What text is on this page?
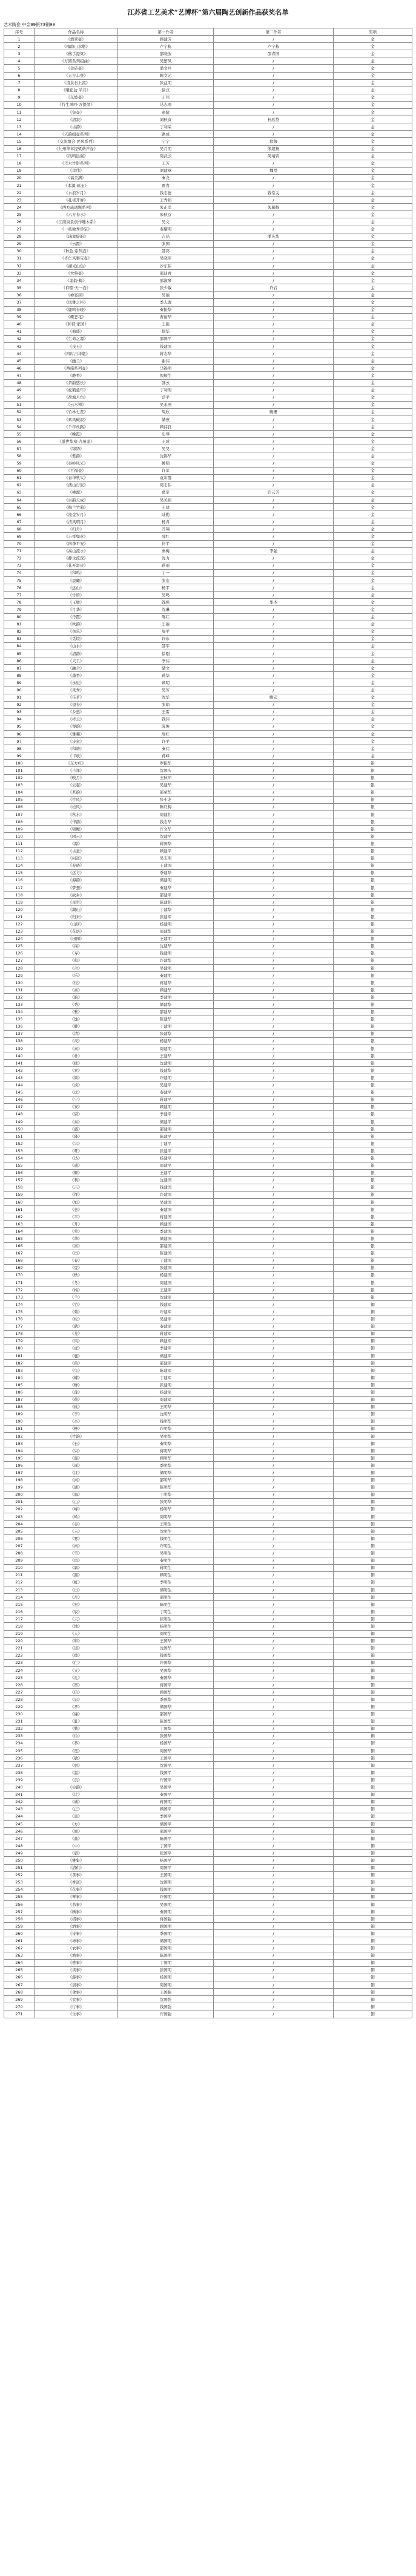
江苏省工艺美术“艺博杯”第六届陶艺创新作品获奖名单
艺术陶瓷 中金99银73铜99
序号	作品名称	第一作者	第二作者	奖项
1	《翡翠壶》	顾建芳	/	金
2	《梅韵山水瓶》	卢宁栋	卢宁栋	金
3	《佛手提梁》	邵晓波	邵青国	金
4	《万圆系列组曲》	吴繁凤	/	金
5	《金砖壶》	潘文兵	/	金
6	《五谷丰登》	鲍文元	/	金
7	《清泉石上流》	张益明	/	金
8	《曦花盆·半月》	徐汉	/	金
9	《东坡壶》	王伟	/	金
10	《竹生风吟·方提梁》	马志刚	/	金
11	《兔壶》	童健	/	金
12	《清寂》	刘秋贞	杜欣岱	金
13	《古韵》	丁利荣	/	金
14	《天韵组壶系列》	路成	/	金
15	《交流组合·民风系列》	宁宁	徐薇	金
16	《九州华章提梁葫芦壶》	吴月明	熊超扬	金
17	《凤鸣远翼》	周武云	周靖寅	金
18	《丹水竹影系列》	王芳	/	金
19	《伞伟》	刘建章	魏堂	金
20	《福美满》	秦龙	/	金
21	《本源·琢玉》	贾青	/	金
22	《水浪岁月》	钱志德	钱常关	金
23	《孔雀开屏》	王秀娟	/	金
24	《西方琉璃瓶系列》	朱正洋	朱耀辉	金
25	《六方春水》	朱秋芬	/	金
26	《江南窗景创作雕木系》	吴文	/	金
27	《一枝独秀珍宝》	秦耀明	/	金
28	《瑞象旋韵》	吉品	潘庆华	金
29	《云霞》	张国	/	金
30	《秋色·系列壶》	邵鸿	/	金
31	《杏仁风雅宝壶》	吴晓军	/	金
32	《湖光山色》	沙东伟	/	金
33	《大蔡壶》	邵迪青	/	金
34	《壶韵·梅》	邵淑琴	/	金
35	《仰望·天一壶》	张少敏	许岩	金
36	《禅宴居》	吴丽	/	金
37	《风雅之柜》	季志源	/	金
38	《鹿鸣春晓》	秦振华	/	金
39	《蝶恋花》	曹丽华	/	金
40	《和谐·家园》	王强	/	金
41	《鼎盛》	徐华	/	金
42	《生命之源》	邵国平	/	金
43	《泉石》	钱建国	/	金
44	《四时吉祥瓶》	蒋志华	/	金
45	《幽兰》	谢伟	/	金
46	《西施系列壶》	马锦明	/	金
47	《静香》	倪顺生	/	金
48	《茶韵悠长》	邵云	/	金
49	《松鹤延年》	丁利明	/	金
50	《荷塘月色》	范平	/	金
51	《云水禅》	吴永刚	/	金
52	《竹林七贤》	周欣	鲍珊	金
53	《乘风破浪》	储燕	/	金
54	《千年丝路》	顾伟良	/	金
55	《晚霞》	史琴	/	金
56	《盛世华章·九州壶》	王成	/	金
57	《锦绣》	吴昊	/	金
58	《紫韵》	沈锦华	/	金
59	《秦岭风光》	姚明	/	金
60	《百福壶》	许军	/	金
61	《春华秋实》	袁彩霞	/	金
62	《溪山行旅》	周志伟	/	金
63	《桃源》	葛军	许云芳	金
64	《古韵天成》	吴美娟	/	金
65	《梅兰竹菊》	王建	/	金
66	《流金岁月》	陆勤	/	金
67	《清风明月》	杨青	/	金
68	《归舟》	冯翔	/	金
69	《吉祥如意》	邵红	/	金
70	《四季平安》	何平	/	金
71	《高山流水》	秦梅	李强	金
72	《静水流深》	沈力	/	金
73	《花开富贵》	蒋丽	/	金
74	《和鸣》	丁一	/	金
75	《晨曦》	张宏	/	金
76	《远山》	杨平	/	金
77	《竹语》	吴鸣	/	金
78	《玉璧》	钱强	华杰	金
79	《月华》	沈琳	/	金
80	《丹霞》	陈红	/	金
81	《秋韵》	王丽	/	金
82	《鱼乐》	周平	/	金
83	《觅境》	许东	/	金
84	《山水》	邵军	/	金
85	《清韵》	徐刚	/	金
86	《天工》	季伟	/	金
87	《融合》	储文	/	金
88	《墨香》	蒋华	/	金
89	《永恒》	顾明	/	金
90	《灵秀》	吴芳	/	金
91	《佳茗》	沈华	鲍宏	金
92	《望春》	张娟	/	金
93	《乡愁》	王雷	/	金
94	《祥云》	钱伟	/	金
95	《琴韵》	陈俊	/	金
96	《雅趣》	周红	/	金
97	《诗意》	许平	/	金
98	《和谐》	秦伟	/	金
99	《丰收》	蒋峰	/	金
100	《东方红》	罗振华	/	银
101	《吉祥》	沈国庆	/	银
102	《映月》	王秋萍	/	银
103	《云起》	吴建华	/	银
104	《茗韵》	邵荣华	/	银
105	《竹风》	张小龙	/	银
106	《松风》	陈红梅	/	银
107	《秋水》	周建伟	/	银
108	《华韵》	钱志华	/	银
109	《锦鲤》	许文华	/	银
110	《闲云》	沈建平	/	银
111	《源》	蒋国华	/	银
112	《古意》	顾建平	/	银
113	《问道》	吴志明	/	银
114	《春晓》	王建国	/	银
115	《远方》	季建华	/	银
116	《海韵》	储建明	/	银
117	《梦想》	秦建华	/	银
118	《故乡》	邵建平	/	银
119	《星空》	陈建伟	/	银
120	《湖山》	丁建华	/	银
121	《归来》	张建军	/	银
122	《山居》	杨建明	/	银
123	《花语》	周建华	/	银
124	《田园》	王建明	/	银
125	《福》	沈建华	/	银
126	《寿》	钱建明	/	银
127	《和》	许建华	/	银
128	《合》	吴建明	/	银
129	《乐》	秦建明	/	银
130	《悦》	蒋建华	/	银
131	《喜》	顾建华	/	银
132	《韵》	季建明	/	银
133	《秀》	储建华	/	银
134	《雅》	邵建华	/	银
135	《逸》	陈建华	/	银
136	《静》	丁建明	/	银
137	《清》	张建华	/	银
138	《灵》	杨建华	/	银
139	《真》	周建明	/	银
140	《朴》	王建华	/	银
141	《拙》	沈建明	/	银
142	《素》	钱建华	/	银
143	《简》	许建明	/	银
144	《淡》	吴建平	/	银
145	《远》	秦建平	/	银
146	《宁》	蒋建平	/	银
147	《安》	顾建明	/	银
148	《康》	季建平	/	银
149	《泰》	储建平	/	银
150	《盛》	邵建明	/	银
151	《隆》	陈建平	/	银
152	《兴》	丁建平	/	银
153	《旺》	张建平	/	银
154	《达》	杨建平	/	银
155	《通》	周建平	/	银
156	《顺》	王建平	/	银
157	《利》	沈建国	/	银
158	《吉》	钱建国	/	银
159	《祥》	许建国	/	银
160	《如》	吴建国	/	银
161	《意》	秦建国	/	银
162	《平》	蒋建国	/	银
163	《升》	顾建国	/	银
164	《荣》	季建国	/	银
165	《华》	储建国	/	银
166	《富》	邵建国	/	银
167	《贵》	陈建国	/	银
168	《春》	丁建国	/	银
169	《夏》	张建国	/	银
170	《秋》	杨建国	/	银
171	《冬》	周建国	/	银
172	《梅》	王建军	/	银
173	《兰》	沈建军	/	银
174	《竹》	钱建军	/	铜
175	《菊》	许建军	/	铜
176	《松》	吴建军	/	铜
177	《鹤》	秦建军	/	铜
178	《龙》	蒋建军	/	铜
179	《凤》	顾建军	/	铜
180	《虎》	季建军	/	铜
181	《鹿》	储建军	/	铜
182	《鱼》	邵建军	/	铜
183	《鸟》	陈建军	/	铜
184	《蝶》	丁建军	/	铜
185	《蝉》	张建明	/	铜
186	《莲》	杨建军	/	铜
187	《荷》	周建军	/	铜
188	《桃》	王明华	/	铜
189	《李》	沈明华	/	铜
190	《杏》	钱明华	/	铜
191	《柳》	许明华	/	铜
192	《竹韵》	吴明华	/	铜
193	《石》	秦明华	/	铜
194	《泉》	蒋明华	/	铜
195	《瀑》	顾明华	/	铜
196	《溪》	季明华	/	铜
197	《江》	储明华	/	铜
198	《河》	邵明华	/	铜
199	《湖》	陈明华	/	铜
200	《海》	丁明华	/	铜
201	《山》	张明华	/	铜
202	《峰》	杨明华	/	铜
203	《岭》	周明华	/	铜
204	《谷》	王明生	/	铜
205	《云》	沈明生	/	铜
206	《雾》	钱明生	/	铜
207	《雨》	许明生	/	铜
208	《雪》	吴明生	/	铜
209	《风》	秦明生	/	铜
210	《霜》	蒋明生	/	铜
211	《露》	顾明生	/	铜
212	《虹》	季明生	/	铜
213	《日》	储明生	/	铜
214	《月》	邵明生	/	铜
215	《星》	陈明生	/	铜
216	《辰》	丁明生	/	铜
217	《天》	张明生	/	铜
218	《地》	杨明生	/	铜
219	《人》	周明生	/	铜
220	《和》	王国华	/	铜
221	《道》	沈国华	/	铜
222	《德》	钱国华	/	铜
223	《仁》	许国华	/	铜
224	《义》	吴国华	/	铜
225	《礼》	秦国华	/	铜
226	《智》	蒋国平	/	铜
227	《信》	顾国华	/	铜
228	《忠》	季国华	/	铜
229	《孝》	储国华	/	铜
230	《廉》	邵国华	/	铜
231	《耻》	陈国华	/	铜
232	《勤》	丁国华	/	铜
233	《俭》	张国华	/	铜
234	《恭》	杨国华	/	铜
235	《宽》	周国华	/	铜
236	《敏》	王国平	/	铜
237	《惠》	沈国平	/	铜
238	《温》	钱国平	/	铜
239	《良》	许国平	/	铜
240	《俭韵》	吴国平	/	铜
241	《让》	秦国平	/	铜
242	《诚》	蒋国明	/	铜
243	《正》	顾国平	/	铜
244	《直》	季国平	/	铜
245	《方》	储国平	/	铜
246	《圆》	邵国平	/	铜
247	《曲》	陈国平	/	铜
248	《中》	丁国平	/	铜
249	《庸》	张国平	/	铜
250	《雅集》	杨国平	/	铜
251	《清供》	周国平	/	铜
252	《茶事》	王国明	/	铜
253	《香道》	沈国明	/	铜
254	《花事》	钱国明	/	铜
255	《琴事》	许国明	/	铜
256	《书事》	吴国明	/	铜
257	《画事》	秦国明	/	铜
258	《棋事》	蒋国强	/	铜
259	《酒事》	顾国明	/	铜
260	《诗事》	季国明	/	铜
261	《禅事》	储国明	/	铜
262	《农事》	邵国明	/	铜
263	《渔事》	陈国明	/	铜
264	《樵事》	丁国明	/	铜
265	《读事》	张国明	/	铜
266	《游事》	杨国明	/	铜
267	《居事》	周国明	/	铜
268	《食事》	王国强	/	铜
269	《衣事》	沈国强	/	铜
270	《行事》	钱国强	/	铜
271	《乐事》	许国强	/	铜
